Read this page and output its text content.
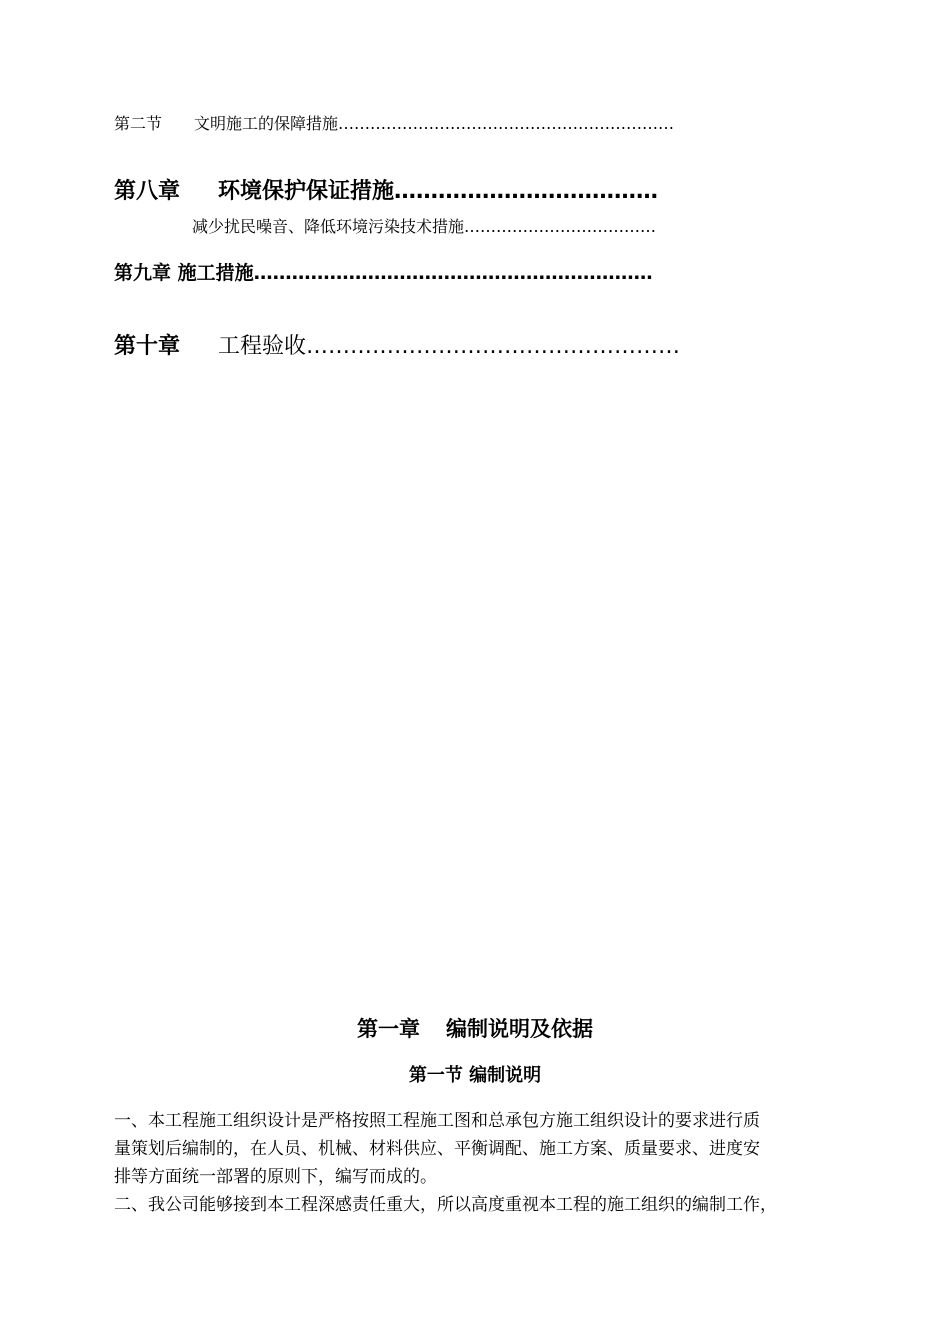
第二节 文明施工的保障措施………………………………………………………
第八章 环境保护保证措施………………………………
减少扰民噪音、降低环境污染技术措施………………………………
第九章 施工措施………………………………………………………
第十章 工程验收……………………………………………
第一章 编制说明及依据
第一节 编制说明

一、本工程施工组织设计是严格按照工程施工图和总承包方施工组织设计的要求进行质

量策划后编制的，在人员、机械、材料供应、平衡调配、施工方案、质量要求、进度安

排等方面统一部署的原则下，编写而成的。

二、我公司能够接到本工程深感责任重大，所以高度重视本工程的施工组织的编制工作，
